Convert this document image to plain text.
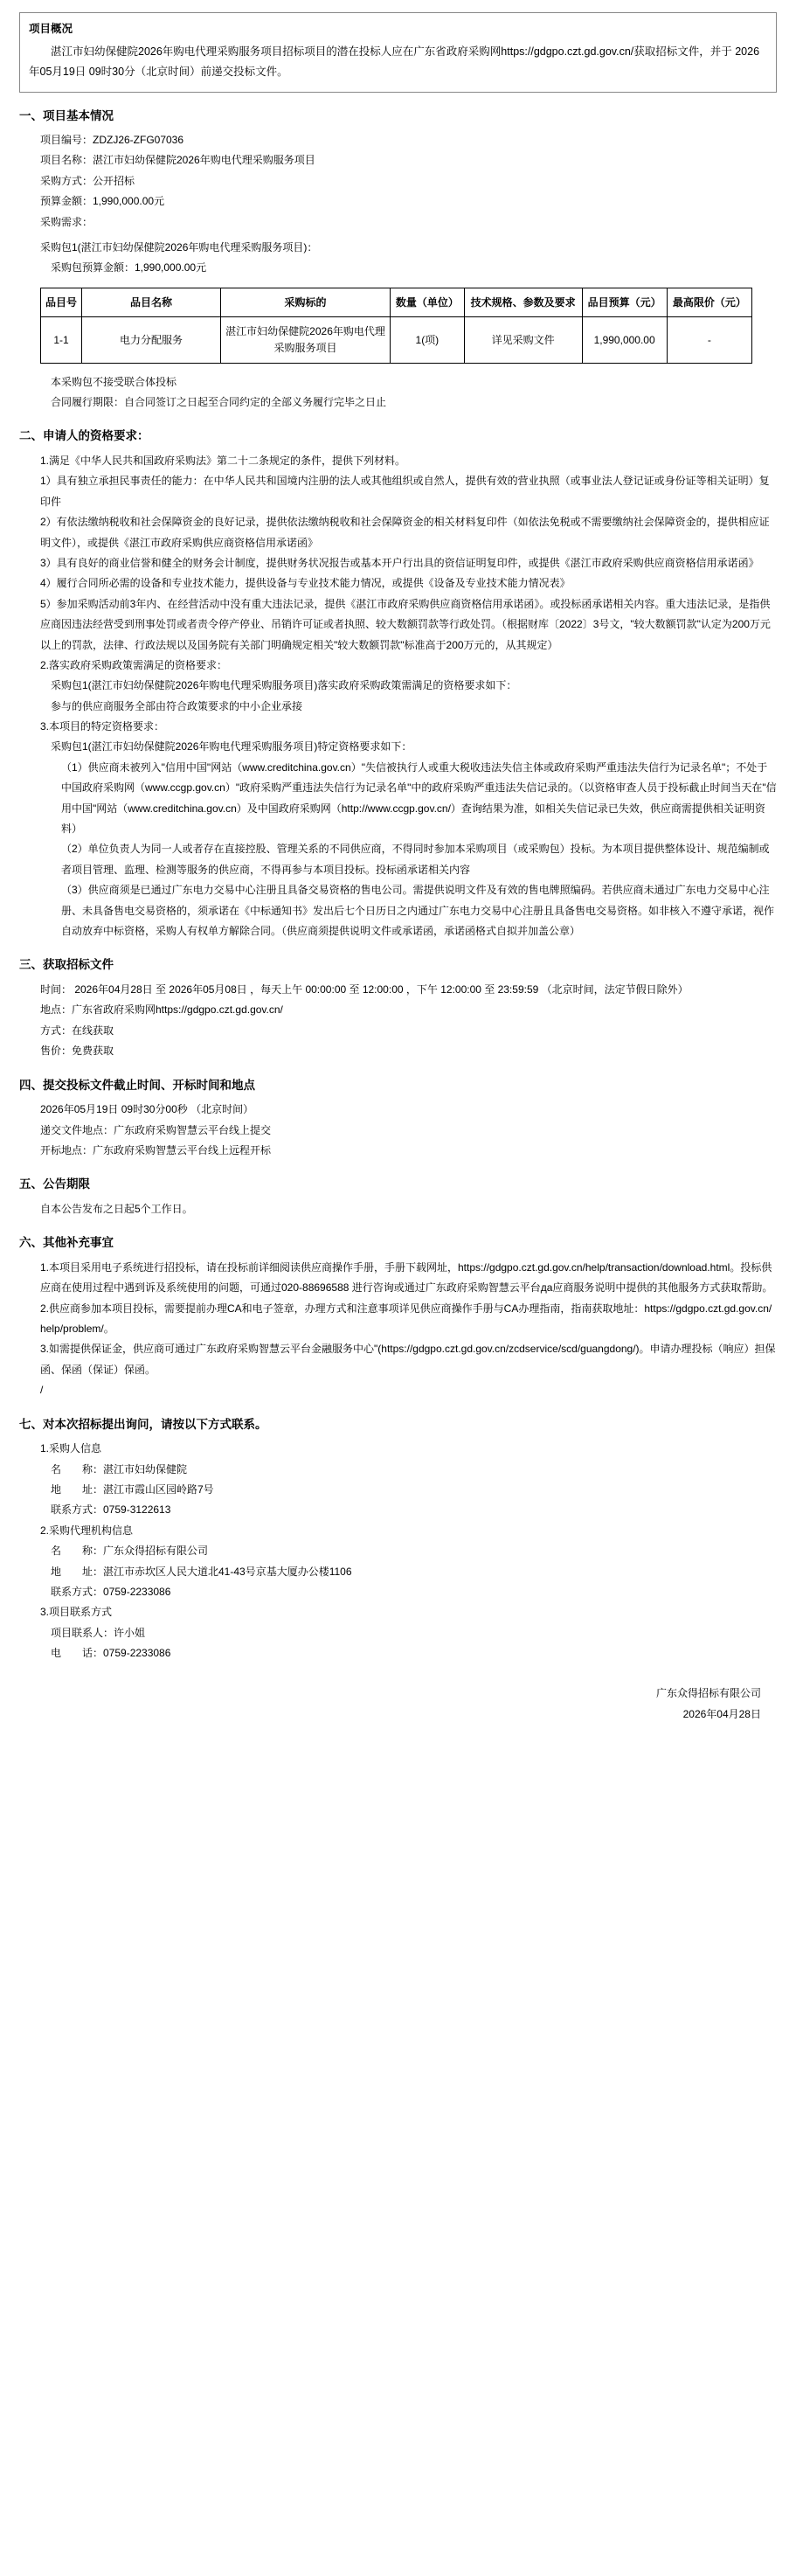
项目概况
湛江市妇幼保健院2026年购电代理采购服务项目招标项目的潜在投标人应在广东省政府采购网https://gdgpo.czt.gd.gov.cn/获取招标文件，并于 2026年05月19日 09时30分（北京时间）前递交投标文件。
一、项目基本情况
项目编号：ZDZJ26-ZFG07036
项目名称：湛江市妇幼保健院2026年购电代理采购服务项目
采购方式：公开招标
预算金额：1,990,000.00元
采购需求：
采购包1(湛江市妇幼保健院2026年购电代理采购服务项目)：
采购包预算金额：1,990,000.00元
品目号	品目名称	采购标的	数量（单位）	技术规格、参数及要求	品目预算（元）	最高限价（元）
1-1	电力分配服务	湛江市妇幼保健院2026年购电代理采购服务项目	1(项)	详见采购文件	1,990,000.00	-
本采购包不接受联合体投标
合同履行期限：自合同签订之日起至合同约定的全部义务履行完毕之日止
二、申请人的资格要求：
1.满足《中华人民共和国政府采购法》第二十二条规定的条件，提供下列材料。
1）具有独立承担民事责任的能力：在中华人民共和国境内注册的法人或其他组织或自然人，提供有效的营业执照（或事业法人登记证或身份证等相关证明）复印件
2）有依法缴纳税收和社会保障资金的良好记录，提供依法缴纳税收和社会保障资金的相关材料复印件（如依法免税或不需要缴纳社会保障资金的，提供相应证明文件），或提供《湛江市政府采购供应商资格信用承诺函》
3）具有良好的商业信誉和健全的财务会计制度，提供财务状况报告或基本开户行出具的资信证明复印件，或提供《湛江市政府采购供应商资格信用承诺函》
4）履行合同所必需的设备和专业技术能力，提供设备与专业技术能力情况，或提供《设备及专业技术能力情况表》
5）参加采购活动前3年内、在经营活动中没有重大违法记录，提供《湛江市政府采购供应商资格信用承诺函》。或投标函承诺相关内容。重大违法记录，是指供应商因违法经营受到刑事处罚或者责令停产停业、吊销许可证或者执照、较大数额罚款等行政处罚。（根据财库〔2022〕3号文，"较大数额罚款"认定为200万元以上的罚款，法律、行政法规以及国务院有关部门明确规定相关"较大数额罚款"标准高于200万元的，从其规定）
2.落实政府采购政策需满足的资格要求：
采购包1(湛江市妇幼保健院2026年购电代理采购服务项目)落实政府采购政策需满足的资格要求如下：
参与的供应商服务全部由符合政策要求的中小企业承接
3.本项目的特定资格要求：
采购包1(湛江市妇幼保健院2026年购电代理采购服务项目)特定资格要求如下：
（1）供应商未被列入"信用中国"网站（www.creditchina.gov.cn）"失信被执行人或重大税收违法失信主体或政府采购严重违法失信行为记录名单"；不处于中国政府采购网（www.ccgp.gov.cn）"政府采购严重违法失信行为记录名单"中的政府采购严重违法失信记录的。（以资格审查人员于投标截止时间当天在"信用中国"网站（www.creditchina.gov.cn）及中国政府采购网（http://www.ccgp.gov.cn/）查询结果为准，如相关失信记录已失效，供应商需提供相关证明资料）
（2）单位负责人为同一人或者存在直接控股、管理关系的不同供应商，不得同时参加本采购项目（或采购包）投标。为本项目提供整体设计、规范编制或者项目管理、监理、检测等服务的供应商，不得再参与本项目投标。投标函承诺相关内容
（3）供应商须是已通过广东电力交易中心注册且具备交易资格的售电公司。需提供说明文件及有效的售电牌照编码。若供应商未通过广东电力交易中心注册、未具备售电交易资格的，须承诺在《中标通知书》发出后七个日历日之内通过广东电力交易中心注册且具备售电交易资格。如非核入不遵守承诺，视作自动放弃中标资格，采购人有权单方解除合同。（供应商须提供说明文件或承诺函，承诺函格式自拟并加盖公章）
三、获取招标文件
时间： 2026年04月28日 至 2026年05月08日 ，每天上午 00:00:00 至 12:00:00 ，下午 12:00:00 至 23:59:59 （北京时间，法定节假日除外）
地点：广东省政府采购网https://gdgpo.czt.gd.gov.cn/
方式：在线获取
售价：免费获取
四、提交投标文件截止时间、开标时间和地点
2026年05月19日 09时30分00秒 （北京时间）
递交文件地点：广东政府采购智慧云平台线上提交
开标地点：广东政府采购智慧云平台线上远程开标
五、公告期限
自本公告发布之日起5个工作日。
六、其他补充事宜
1.本项目采用电子系统进行招投标，请在投标前详细阅读供应商操作手册，手册下载网址，https://gdgpo.czt.gd.gov.cn/help/transaction/download.html。投标供应商在使用过程中遇到诉及系统使用的问题，可通过020-88696588 进行咨询或通过广东政府采购智慧云平台да应商服务说明中提供的其他服务方式获取帮助。
2.供应商参加本项目投标，需要提前办理CA和电子签章，办理方式和注意事项详见供应商操作手册与CA办理指南，指南获取地址：https://gdgpo.czt.gd.gov.cn/help/problem/。
3.如需提供保证金，供应商可通过广东政府采购智慧云平台金融服务中心"(https://gdgpo.czt.gd.gov.cn/zcdservice/scd/guangdong/)。申请办理投标（响应）担保函、保函（保证）保函。
/
七、对本次招标提出询问，请按以下方式联系。
1.采购人信息
名　　称：湛江市妇幼保健院
地　　址：湛江市霞山区园岭路7号
联系方式：0759-3122613
2.采购代理机构信息
名　　称：广东众得招标有限公司
地　　址：湛江市赤坎区人民大道北41-43号京基大厦办公楼1106
联系方式：0759-2233086
3.项目联系方式
项目联系人：许小姐
电　　话：0759-2233086
广东众得招标有限公司
2026年04月28日
